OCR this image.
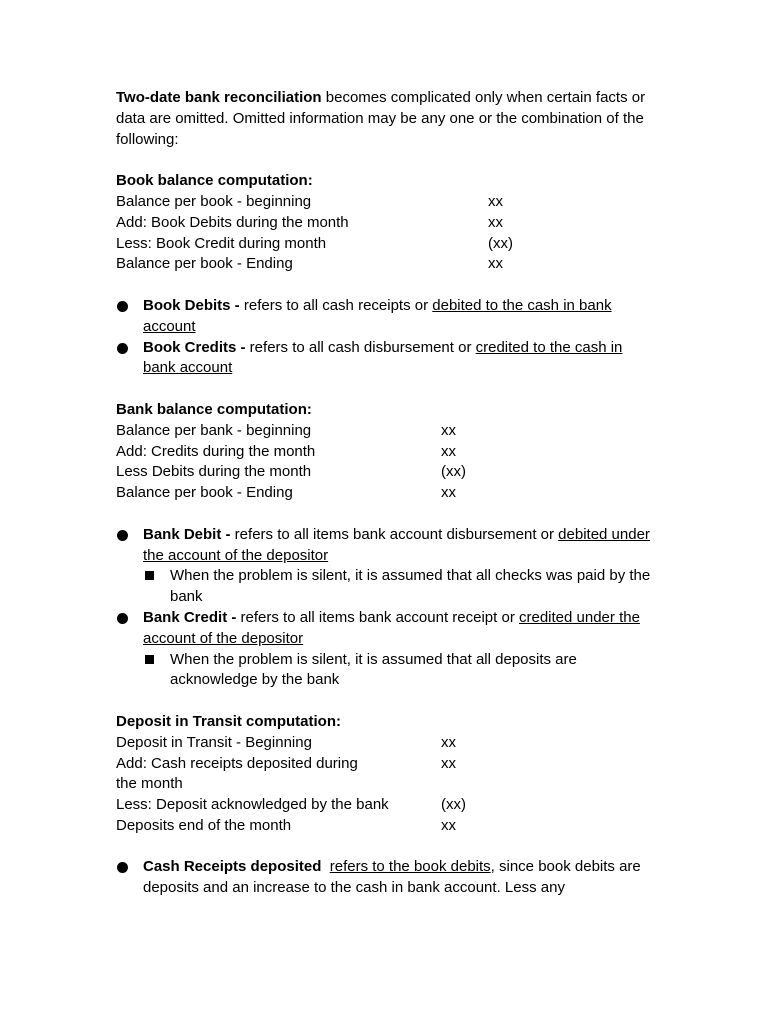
Two-date bank reconciliation becomes complicated only when certain facts or data are omitted. Omitted information may be any one or the combination of the following:

Book balance computation:

Balance per book - beginning	xx
Add: Book Debits during the month	xx
Less: Book Credit during month	(xx)
Balance per book - Ending	xx
Book Debits - refers to all cash receipts or debited to the cash in bank account
Book Credits - refers to all cash disbursement or credited to the cash in bank account

Bank balance computation:

Balance per bank - beginning	xx
Add: Credits during the month	xx
Less Debits during the month	(xx)
Balance per book - Ending	xx
Bank Debit - refers to all items bank account disbursement or debited under the account of the depositor
When the problem is silent, it is assumed that all checks was paid by the bank
Bank Credit - refers to all items bank account receipt or credited under the account of the depositor
When the problem is silent, it is assumed that all deposits are acknowledge by the bank

Deposit in Transit computation:

Deposit in Transit - Beginning	xx
Add: Cash receipts deposited during	xx
the month
Less: Deposit acknowledged by the bank	(xx)
Deposits end of the month	xx
Cash Receipts deposited refers to the book debits, since book debits are deposits and an increase to the cash in bank account. Less any
